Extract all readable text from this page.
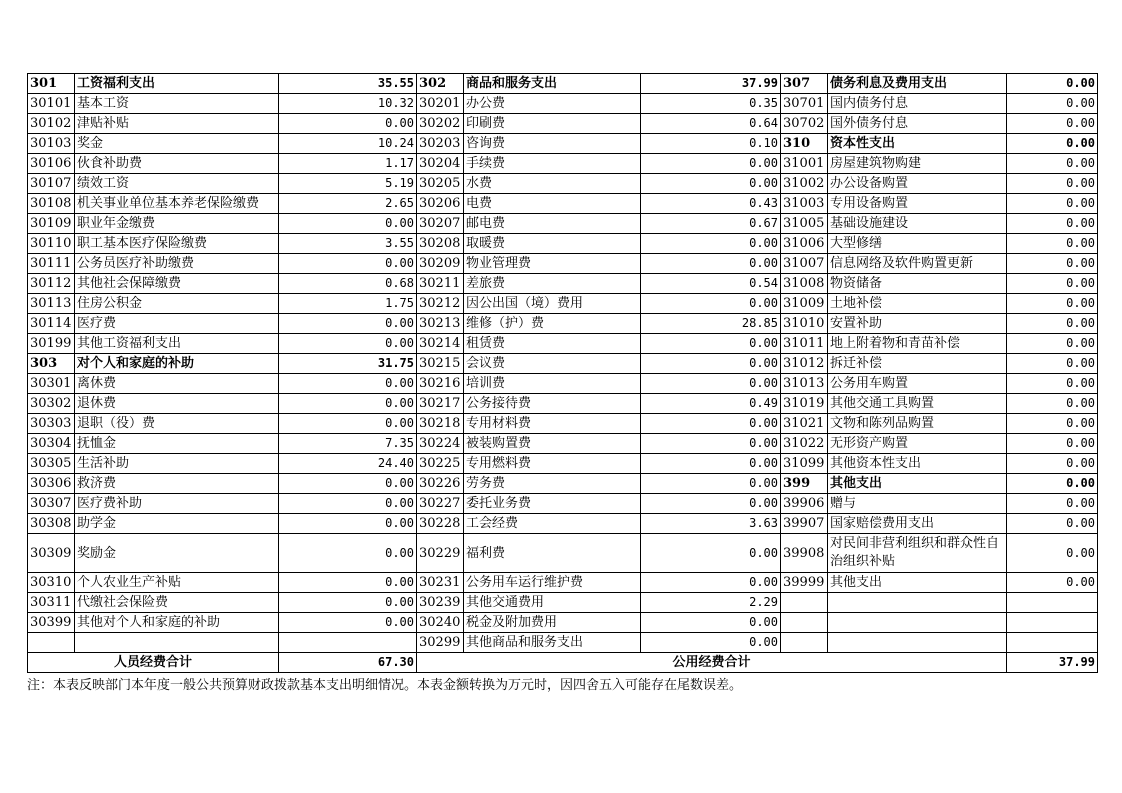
301	工资福利支出	35.55	302	商品和服务支出	37.99	307	债务利息及费用支出	0.00
30101	基本工资	10.32	30201	办公费	0.35	30701	国内债务付息	0.00
30102	津贴补贴	0.00	30202	印刷费	0.64	30702	国外债务付息	0.00
30103	奖金	10.24	30203	咨询费	0.10	310	资本性支出	0.00
30106	伙食补助费	1.17	30204	手续费	0.00	31001	房屋建筑物购建	0.00
30107	绩效工资	5.19	30205	水费	0.00	31002	办公设备购置	0.00
30108	机关事业单位基本养老保险缴费	2.65	30206	电费	0.43	31003	专用设备购置	0.00
30109	职业年金缴费	0.00	30207	邮电费	0.67	31005	基础设施建设	0.00
30110	职工基本医疗保险缴费	3.55	30208	取暖费	0.00	31006	大型修缮	0.00
30111	公务员医疗补助缴费	0.00	30209	物业管理费	0.00	31007	信息网络及软件购置更新	0.00
30112	其他社会保障缴费	0.68	30211	差旅费	0.54	31008	物资储备	0.00
30113	住房公积金	1.75	30212	因公出国（境）费用	0.00	31009	土地补偿	0.00
30114	医疗费	0.00	30213	维修（护）费	28.85	31010	安置补助	0.00
30199	其他工资福利支出	0.00	30214	租赁费	0.00	31011	地上附着物和青苗补偿	0.00
303	对个人和家庭的补助	31.75	30215	会议费	0.00	31012	拆迁补偿	0.00
30301	离休费	0.00	30216	培训费	0.00	31013	公务用车购置	0.00
30302	退休费	0.00	30217	公务接待费	0.49	31019	其他交通工具购置	0.00
30303	退职（役）费	0.00	30218	专用材料费	0.00	31021	文物和陈列品购置	0.00
30304	抚恤金	7.35	30224	被装购置费	0.00	31022	无形资产购置	0.00
30305	生活补助	24.40	30225	专用燃料费	0.00	31099	其他资本性支出	0.00
30306	救济费	0.00	30226	劳务费	0.00	399	其他支出	0.00
30307	医疗费补助	0.00	30227	委托业务费	0.00	39906	赠与	0.00
30308	助学金	0.00	30228	工会经费	3.63	39907	国家赔偿费用支出	0.00
30309	奖励金	0.00	30229	福利费	0.00	39908	对民间非营利组织和群众性自治组织补贴	0.00
30310	个人农业生产补贴	0.00	30231	公务用车运行维护费	0.00	39999	其他支出	0.00
30311	代缴社会保险费	0.00	30239	其他交通费用	2.29			
30399	其他对个人和家庭的补助	0.00	30240	税金及附加费用	0.00			
			30299	其他商品和服务支出	0.00			
人员经费合计		67.30	公用经费合计					37.99
注：本表反映部门本年度一般公共预算财政拨款基本支出明细情况。本表金额转换为万元时，因四舍五入可能存在尾数误差。
